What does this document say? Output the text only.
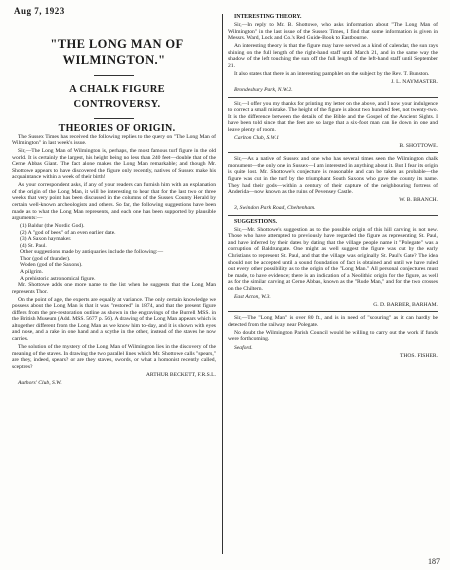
Aug 7, 1923

"THE LONG MAN OF WILMINGTON."

A CHALK FIGURE

CONTROVERSY.

THEORIES OF ORIGIN.

The Sussex Times has received the following replies to the query on "The Long Man of Wilmington" in last week's issue.

Sir,—The Long Man of Wilmington is, perhaps, the most famous turf figure in the old world. It is certainly the largest, his height being no less than 240 feet—double that of the Cerne Abbas Giant. The fact alone makes the Long Man remarkable; and though Mr. Shottowe appears to have discovered the figure only recently, natives of Sussex make his acquaintance within a week of their birth!

As your correspondent asks, if any of your readers can furnish him with an explanation of the origin of the Long Man, it will be interesting to hear that for the last two or three weeks that very point has been discussed in the columns of the Sussex County Herald by certain well-known archeologists and others. So far, the following suggestions have been made as to what the Long Man represents, and each one has been supported by plausible arguments:—

(1) Baldur (the Nordic God).

(2) A "god of bees" of an even earlier date.

(3) A Saxon haymaker.

(4) St. Paul.

Other suggestions made by antiquaries include the following:—

Thor (god of thunder).

Woden (god of the Saxons).

A pilgrim.

A prehistoric astronomical figure.

Mr. Shottowe adds one more name to the list when he suggests that the Long Man represents Thor.

On the point of age, the experts are equally at variance. The only certain knowledge we possess about the Long Man is that it was "restored" in 1874, and that the present figure differs from the pre-restoration outline as shown in the engravings of the Burrell MSS. in the British Museum (Add. MSS. 5677 p. 56). A drawing of the Long Man appears which is altogether different from the Long Man as we know him to-day, and it is shown with eyes and nose, and a rake in one hand and a scythe in the other, instead of the staves he now carries.

The solution of the mystery of the Long Man of Wilmington lies in the discovery of the meaning of the staves. In drawing the two parallel lines which Mr. Shottowe calls "spears," are they, indeed, spears? or are they staves, swords, or what a homonist recently called, sceptres?

ARTHUR BECKETT, F.R.S.L.

Authors' Club, S.W.

INTERESTING THEORY.

Sir,—In reply to Mr. B. Shottowe, who asks information about "The Long Man of Wilmington" in the last issue of the Sussex Times, I find that some information is given in Messrs. Ward, Lock and Co.'s Red Guide-Book to Eastbourne.

An interesting theory is that the figure may have served as a kind of calendar, the sun rays shining on the full length of the right-hand staff until March 21, and in the same way the shadow of the left touching the sun off the full length of the left-hand staff until September 21.

It also states that there is an interesting pamphlet on the subject by the Rev. T. Bunston.

J. L. NAYMASTER.

Brondesbury Park, N.W.2.

Sir,—I offer you my thanks for printing my letter on the above, and I now your indulgence to correct a small mistake. The height of the figure is about two hundred feet, not twenty-two. It is the difference between the details of the Bible and the Gospel of the Ancient Sights. I have been told since that the feet are so large that a six-foot man can lie down in one and leave plenty of room.

Carlton Club, S.W.1

B. SHOTTOWE.

Sir,—As a native of Sussex and one who has several times seen the Wilmington chalk monument—the only one in Sussex—I am interested in anything about it. But I fear its origin is quite lost. Mr. Shottowe's conjecture is reasonable and can be taken as probable—the figure was cut in the turf by the triumphant South Saxons who gave the county its name. They had their gods—within a century of their capture of the neighbouring fortress of Anderida—now known as the ruins of Pevensey Castle.

W. B. BRANCH.

3, Swindon Park Road, Cheltenham.

SUGGESTIONS.

Sir,—Mr. Shottowe's suggestion as to the possible origin of this hill carving is not new. Those who have attempted to previously have regarded the figure as representing St. Paul, and have inferred by their dates by dating that the village people name it "Polegate" was a corruption of Baldrungate. One might as well suggest the figure was cut by the early Christians to represent St. Paul, and that the village was originally St. Paul's Gate? The idea should not be accepted until a sound foundation of fact is obtained and until we have ruled out every other possibility as to the origin of the "Long Man." All personal conjectures must be made, to have evidence; there is an indication of a Neolithic origin for the figure, as well as for the similar carving at Cerne Abbas, known as the "Rude Man," and for the two crosses on the Chiltern.

East Acton, W.3.

G. D. BARBER, BARHAM.

Sir,—The "Long Man" is over 80 ft., and is in need of "scouring" as it can hardly be detected from the railway near Polegate.

No doubt the Wilmington Parish Council would be willing to carry out the work if funds were forthcoming.

Seaford.

THOS. FISHER.

187
